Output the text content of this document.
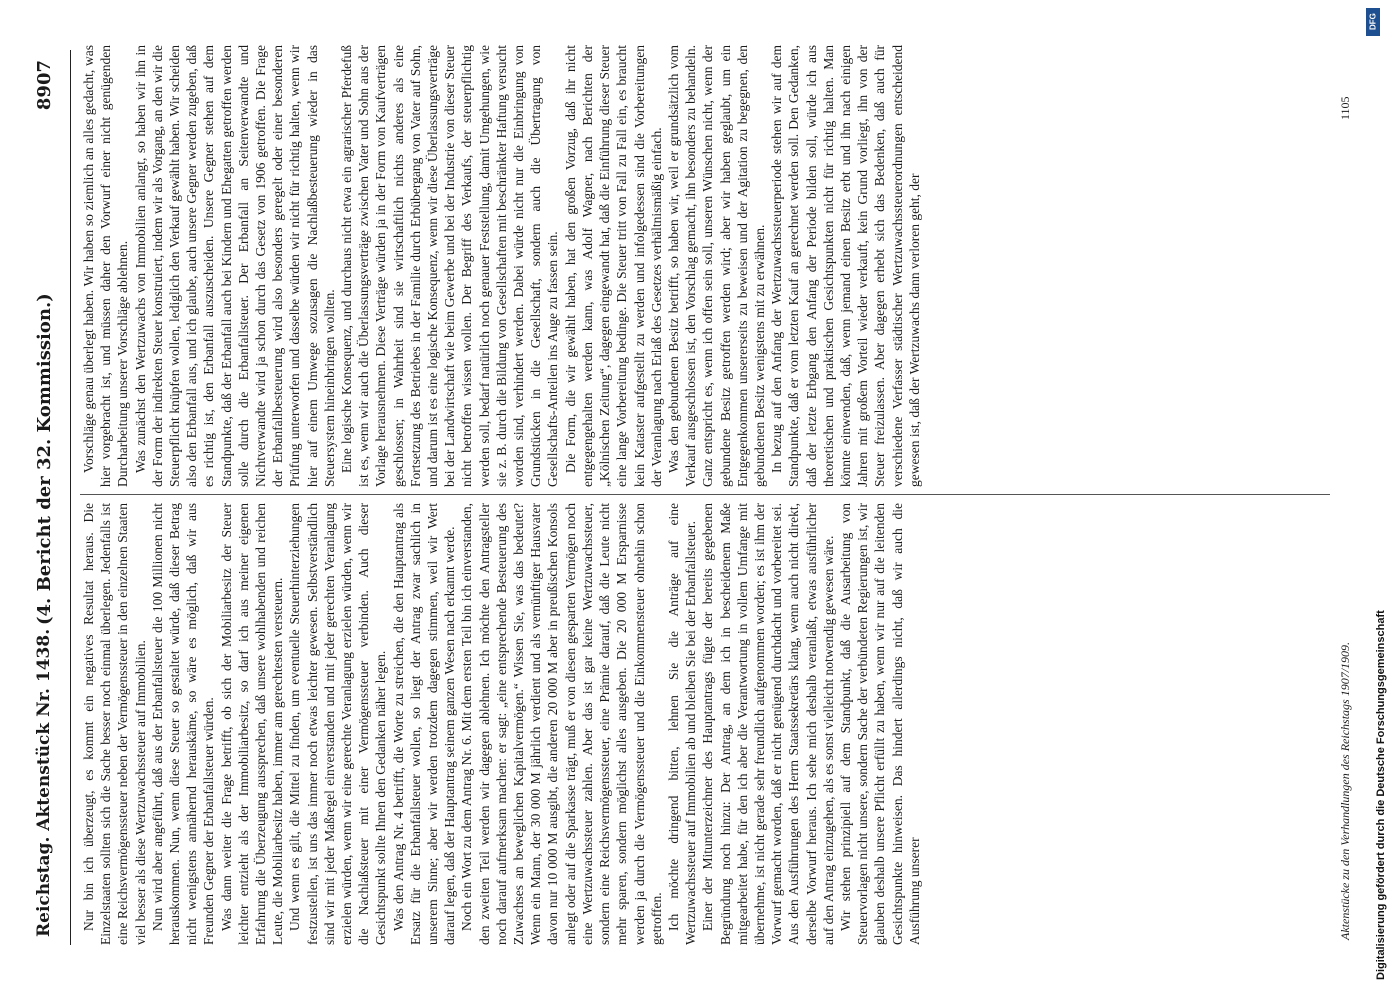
Reichstag. Aktenstück Nr. 1438.
(4. Bericht der 32. Kommission.)
8907

Nur bin ich überzeugt, es kommt ein negatives Resultat heraus. Die Einzelstaaten sollten sich die Sache besser noch einmal überlegen. Jedenfalls ist eine Reichsvermögenssteuer neben der Vermögenssteuer in den einzelnen Staaten viel besser als diese Wertzuwachssteuer auf Immobilien. Nun wird aber angeführt, daß aus der Erbanfallsteuer die 100 Millionen nicht herauskommen. Nun, wenn diese Steuer so gestaltet würde, daß dieser Betrag nicht wenigstens annähernd herauskäme, so wäre es möglich, daß wir aus Freunden Gegner der Erbanfallsteuer würden. Was dann weiter die Frage betrifft, ob sich der Mobiliarbesitz der Steuer leichter entzieht als der Immobiliarbesitz, so darf ich aus meiner eigenen Erfahrung die Überzeugung aussprechen, daß unsere wohlhabenden und reichen Leute, die Mobiliarbesitz haben, immer am gerechtesten versteuern. Und wenn es gilt, die Mittel zu finden, um eventuelle Steuerhinterziehungen festzustellen, ist uns das immer noch etwas leichter gewesen. Selbstverständlich sind wir mit jeder Maßregel einverstanden und mit jeder gerechten Veranlagung erzielen würden, wenn wir eine gerechte Veranlagung erzielen würden, wenn wir die Nachlaßsteuer mit einer Vermögenssteuer verbinden. Auch dieser Gesichtspunkt sollte Ihnen den Gedanken näher legen. Was den Antrag Nr. 4 betrifft, die Worte zu streichen, die den Hauptantrag als Ersatz für die Erbanfallsteuer wollen, so liegt der Antrag zwar sachlich in unserem Sinne; aber wir werden trotzdem dagegen stimmen, weil wir Wert darauf legen, daß der Hauptantrag seinem ganzen Wesen nach erkannt werde. Noch ein Wort zu dem Antrag Nr. 6. Mit dem ersten Teil bin ich einverstanden, den zweiten Teil werden wir dagegen ablehnen. Ich möchte den Antragsteller noch darauf aufmerksam machen: er sagt: „eine entsprechende Besteuerung des Zuwachses an beweglichen Kapitalvermögen.“ Wissen Sie, was das bedeutet? Wenn ein Mann, der 30 000 M jährlich verdient und als vernünftiger Hausvater davon nur 10 000 M ausgibt, die anderen 20 000 M aber in preußischen Konsols anlegt oder auf die Sparkasse trägt, muß er von diesen gesparten Vermögen noch eine Wertzuwachssteuer zahlen. Aber das ist gar keine Wertzuwachssteuer, sondern eine Reichsvermögenssteuer, eine Prämie darauf, daß die Leute nicht mehr sparen, sondern möglichst alles ausgeben. Die 20 000 M Ersparnisse werden ja durch die Vermögenssteuer und die Einkommensteuer ohnehin schon getroffen. Ich möchte dringend bitten, lehnen Sie die Anträge auf eine Wertzuwachssteuer auf Immobilien ab und bleiben Sie bei der Erbanfallsteuer. Einer der Mitunterzeichner des Hauptantrags fügte der bereits gegebenen Begründung noch hinzu: Der Antrag, an dem ich in bescheidenem Maße mitgearbeitet habe, für den ich aber die Verantwortung in vollem Umfange mit übernehme, ist nicht gerade sehr freundlich aufgenommen worden; es ist ihm der Vorwurf gemacht worden, daß er nicht genügend durchdacht und vorbereitet sei. Aus den Ausführungen des Herrn Staatssekretärs klang, wenn auch nicht direkt, derselbe Vorwurf heraus. Ich sehe mich deshalb veranlaßt, etwas ausführlicher auf den Antrag einzugehen, als es sonst vielleicht notwendig gewesen wäre. Wir stehen prinzipiell auf dem Standpunkt, daß die Ausarbeitung von Steuervorlagen nicht unsere, sondern Sache der verbündeten Regierungen ist, wir glauben deshalb unsere Pflicht erfüllt zu haben, wenn wir nur auf die leitenden Gesichtspunkte hinweisen. Das hindert allerdings nicht, daß wir auch die Ausführung unserer

Vorschläge genau überlegt haben. Wir haben so ziemlich an alles gedacht, was hier vorgebracht ist, und müssen daher den Vorwurf einer nicht genügenden Durcharbeitung unserer Vorschläge ablehnen. Was zunächst den Wertzuwachs von Immobilien anlangt, so haben wir ihn in der Form der indirekten Steuer konstruiert, indem wir als Vorgang, an den wir die Steuerpflicht knüpfen wollen, lediglich den Verkauf gewählt haben. Wir scheiden also den Erbanfall aus, und ich glaube, auch unsere Gegner werden zugeben, daß es richtig ist, den Erbanfall auszuscheiden. Unsere Gegner stehen auf dem Standpunkte, daß der Erbanfall auch bei Kindern und Ehegatten getroffen werden solle durch die Erbanfallsteuer. Der Erbanfall an Seitenverwandte und Nichtverwandte wird ja schon durch das Gesetz von 1906 getroffen. Die Frage der Erbanfallbesteuerung wird also besonders geregelt oder einer besonderen Prüfung unterworfen und dasselbe würden wir nicht für richtig halten, wenn wir hier auf einem Umwege sozusagen die Nachlaßbesteuerung wieder in das Steuersystem hineinbringen wollten. Eine logische Konsequenz, und durchaus nicht etwa ein agrarischer Pferdefuß ist es, wenn wir auch die Überlassungsverträge zwischen Vater und Sohn aus der Vorlage herausnehmen. Diese Verträge würden ja in der Form von Kaufverträgen geschlossen; in Wahrheit sind sie wirtschaftlich nichts anderes als eine Fortsetzung des Betriebes in der Familie durch Erbübergang von Vater auf Sohn, und darum ist es eine logische Konsequenz, wenn wir diese Überlassungsverträge bei der Landwirtschaft wie beim Gewerbe und bei der Industrie von dieser Steuer nicht betroffen wissen wollen. Der Begriff des Verkaufs, der steuerpflichtig werden soll, bedarf natürlich noch genauer Feststellung, damit Umgehungen, wie sie z. B. durch die Bildung von Gesellschaften mit beschränkter Haftung versucht worden sind, verhindert werden. Dabei würde nicht nur die Einbringung von Grundstücken in die Gesellschaft, sondern auch die Übertragung von Gesellschafts-Anteilen ins Auge zu fassen sein. Die Form, die wir gewählt haben, hat den großen Vorzug, daß ihr nicht entgegengehalten werden kann, was Adolf Wagner, nach Berichten der „Kölnischen Zeitung“, dagegen eingewandt hat, daß die Einführung dieser Steuer eine lange Vorbereitung bedinge. Die Steuer tritt von Fall zu Fall ein, es braucht kein Kataster aufgestellt zu werden und infolgedessen sind die Vorbereitungen der Veranlagung nach Erlaß des Gesetzes verhältnismäßig einfach. Was den gebundenen Besitz betrifft, so haben wir, weil er grundsätzlich vom Verkauf ausgeschlossen ist, den Vorschlag gemacht, ihn besonders zu behandeln. Ganz entspricht es, wenn ich offen sein soll, unseren Wünschen nicht, wenn der gebundene Besitz getroffen werden wird; aber wir haben geglaubt, um ein Entgegenkommen unsererseits zu beweisen und der Agitation zu begegnen, den gebundenen Besitz wenigstens mit zu erwähnen. In bezug auf den Anfang der Wertzuwachssteuerperiode stehen wir auf dem Standpunkte, daß er vom letzten Kauf an gerechnet werden soll. Den Gedanken, daß der letzte Erbgang den Anfang der Periode bilden soll, würde ich aus theoretischen und praktischen Gesichtspunkten nicht für richtig halten. Man könnte einwenden, daß, wenn jemand einen Besitz erbt und ihn nach einigen Jahren mit großem Vorteil wieder verkauft, kein Grund vorliegt, ihn von der Steuer freizulassen. Aber dagegen erhebt sich das Bedenken, daß auch für verschiedene Verfasser städtischer Wertzuwachssteuerordnungen entscheidend gewesen ist, daß der Wertzuwachs dann verloren geht, der

Aktenstücke zu den Verhandlungen des Reichstags 1907/1909.
1105
DFG
Digitalisierung gefördert durch die Deutsche Forschungsgemeinschaft
